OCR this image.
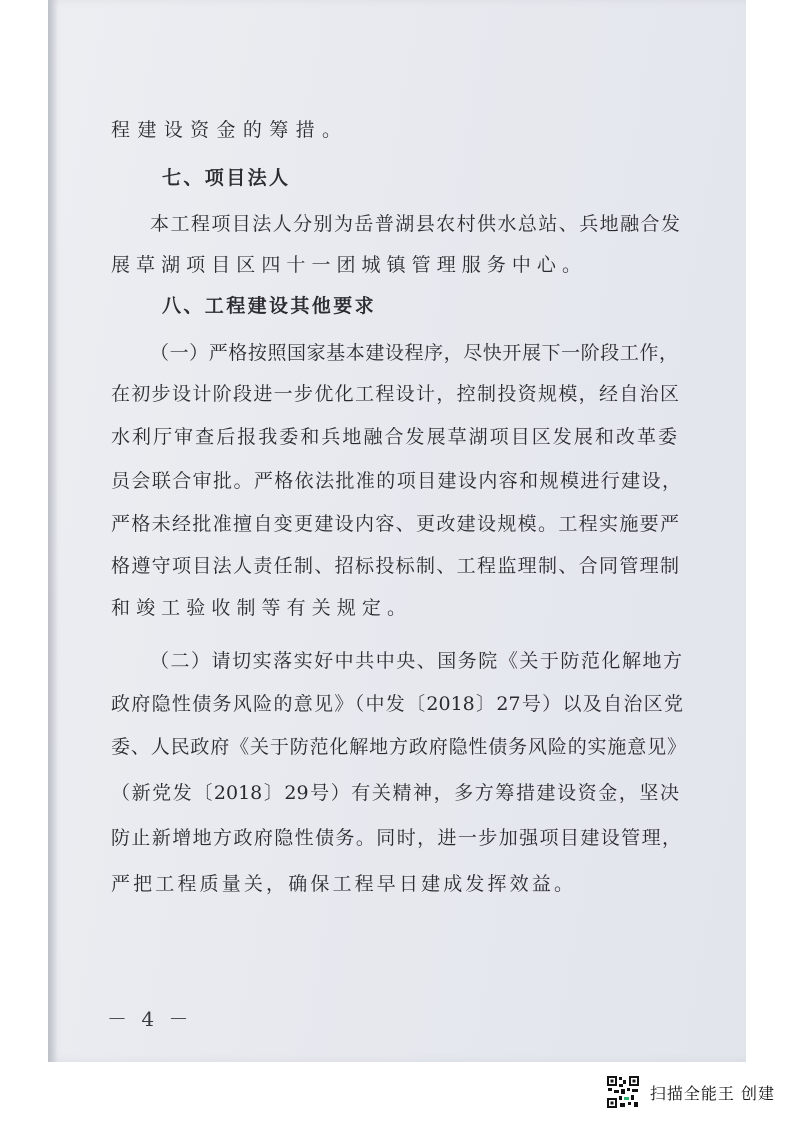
程建设资金的筹措。
七、项目法人
本工程项目法人分别为岳普湖县农村供水总站、兵地融合发
展草湖项目区四十一团城镇管理服务中心。
八、工程建设其他要求
（一）严格按照国家基本建设程序，尽快开展下一阶段工作，
在初步设计阶段进一步优化工程设计，控制投资规模，经自治区
水利厅审查后报我委和兵地融合发展草湖项目区发展和改革委
员会联合审批。严格依法批准的项目建设内容和规模进行建设，
严格未经批准擅自变更建设内容、更改建设规模。工程实施要严
格遵守项目法人责任制、招标投标制、工程监理制、合同管理制
和竣工验收制等有关规定。
（二）请切实落实好中共中央、国务院《关于防范化解地方
政府隐性债务风险的意见》（中发〔2018〕27号）以及自治区党
委、人民政府《关于防范化解地方政府隐性债务风险的实施意见》
（新党发〔2018〕29号）有关精神，多方筹措建设资金，坚决
防止新增地方政府隐性债务。同时，进一步加强项目建设管理，
严把工程质量关，确保工程早日建成发挥效益。
－ 4 －
扫描全能王 创建
